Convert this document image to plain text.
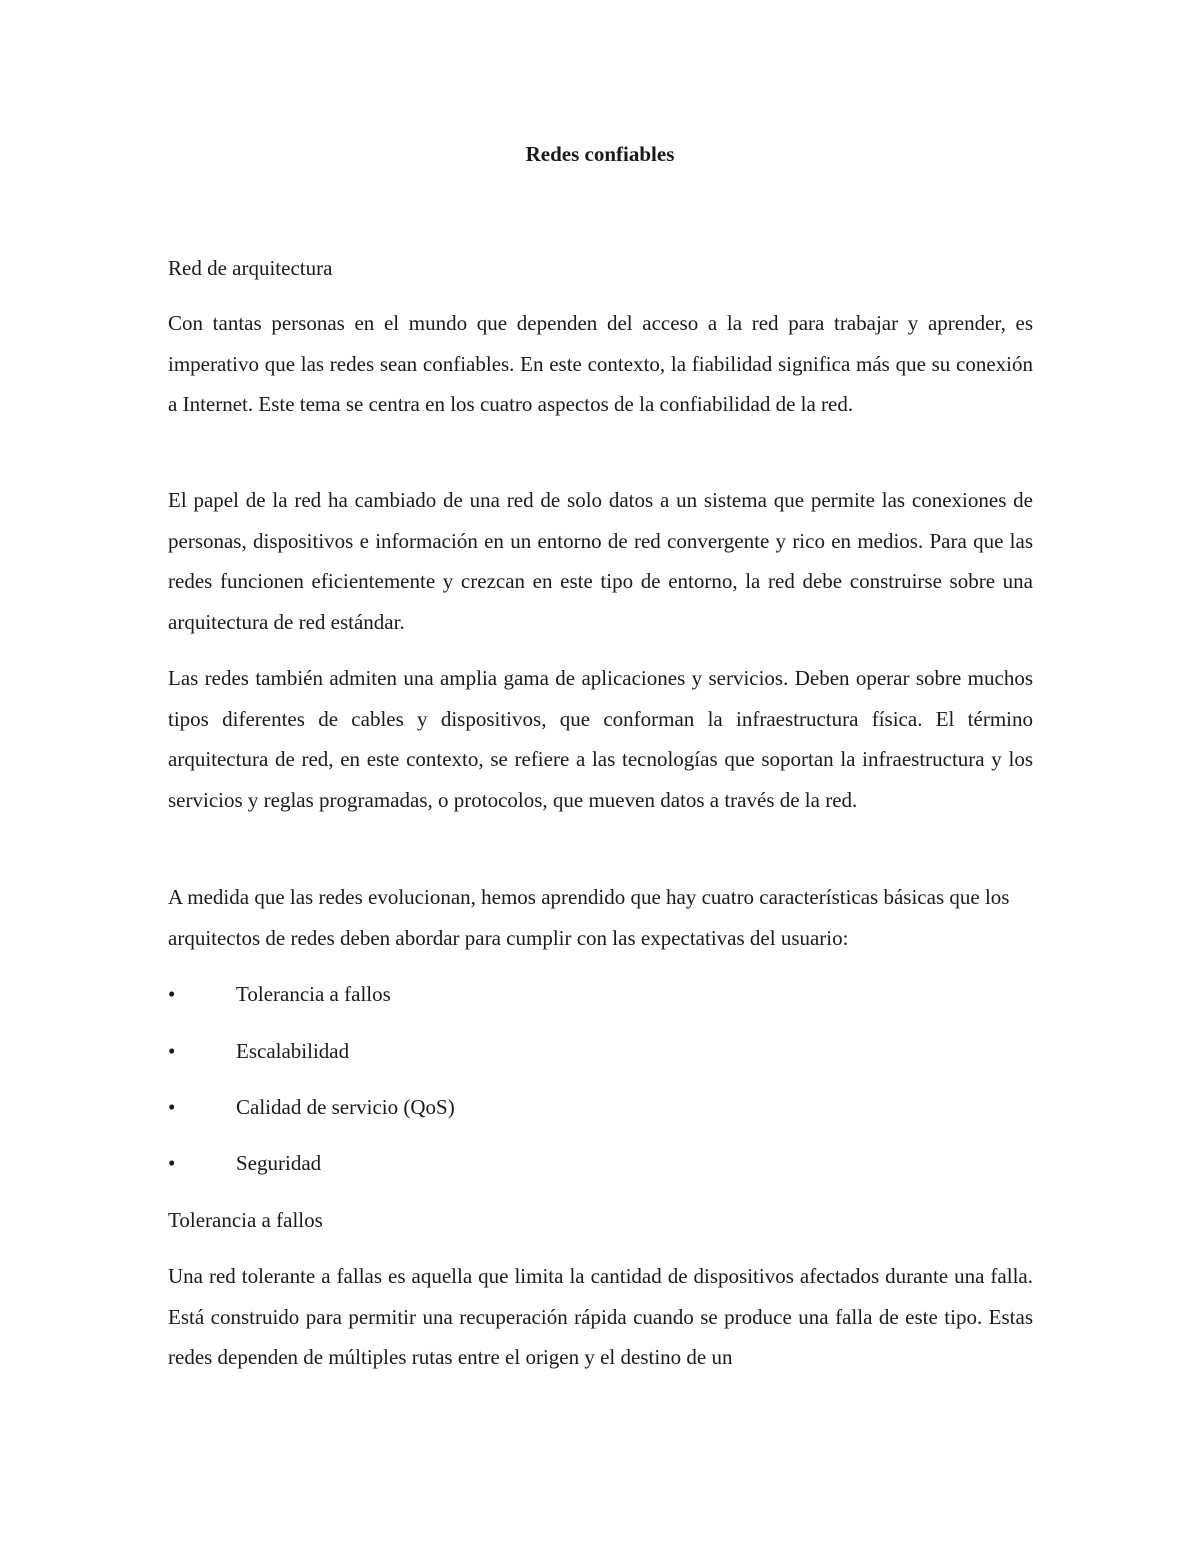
Redes confiables
Red de arquitectura
Con tantas personas en el mundo que dependen del acceso a la red para trabajar y aprender, es imperativo que las redes sean confiables. En este contexto, la fiabilidad significa más que su conexión a Internet. Este tema se centra en los cuatro aspectos de la confiabilidad de la red.
El papel de la red ha cambiado de una red de solo datos a un sistema que permite las conexiones de personas, dispositivos e información en un entorno de red convergente y rico en medios. Para que las redes funcionen eficientemente y crezcan en este tipo de entorno, la red debe construirse sobre una arquitectura de red estándar.
Las redes también admiten una amplia gama de aplicaciones y servicios. Deben operar sobre muchos tipos diferentes de cables y dispositivos, que conforman la infraestructura física. El término arquitectura de red, en este contexto, se refiere a las tecnologías que soportan la infraestructura y los servicios y reglas programadas, o protocolos, que mueven datos a través de la red.
A medida que las redes evolucionan, hemos aprendido que hay cuatro características básicas que los arquitectos de redes deben abordar para cumplir con las expectativas del usuario:
•	Tolerancia a fallos
•	Escalabilidad
•	Calidad de servicio (QoS)
•	Seguridad
Tolerancia a fallos
Una red tolerante a fallas es aquella que limita la cantidad de dispositivos afectados durante una falla. Está construido para permitir una recuperación rápida cuando se produce una falla de este tipo. Estas redes dependen de múltiples rutas entre el origen y el destino de un
